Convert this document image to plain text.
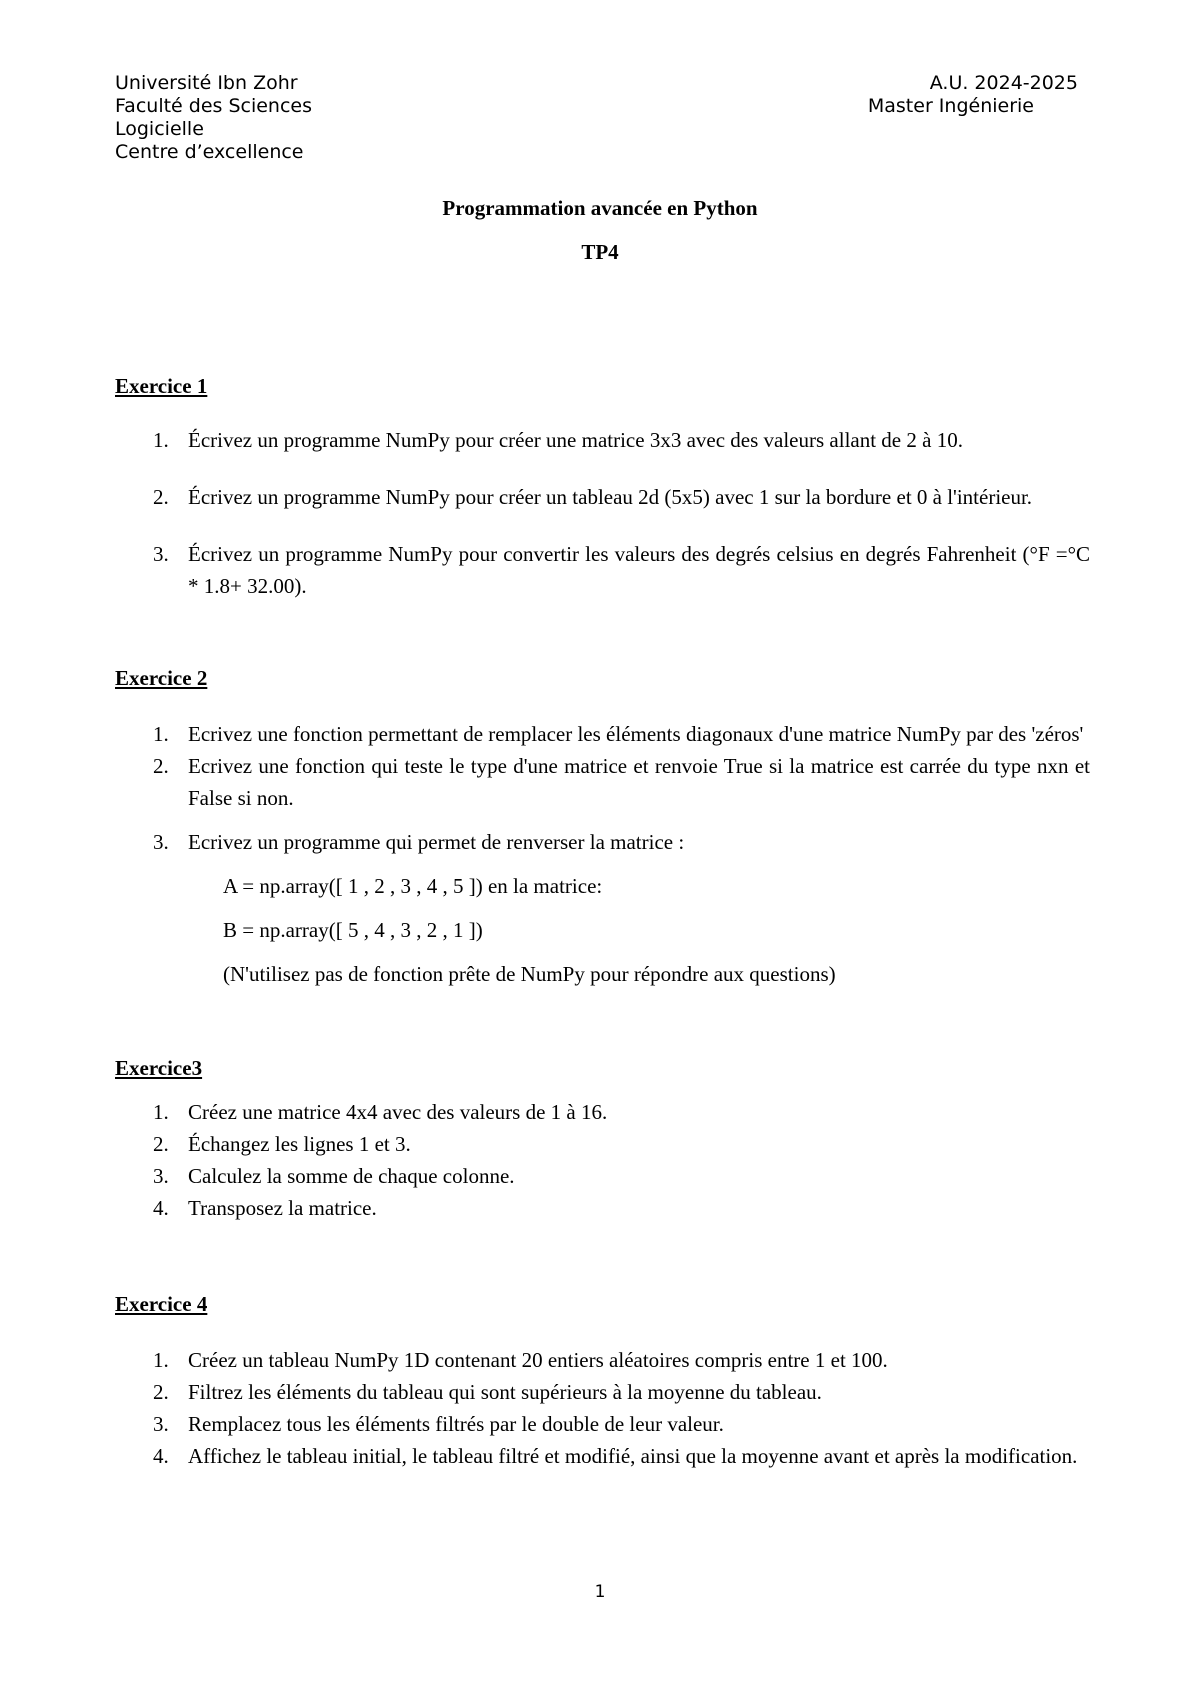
Université Ibn Zohr
Faculté des Sciences
Logicielle
Centre d’excellence
A.U. 2024-2025
Master Ingénierie
Programmation avancée en Python
TP4

Exercice 1

1. Écrivez un programme NumPy pour créer une matrice 3x3 avec des valeurs allant de 2 à 10.
2. Écrivez un programme NumPy pour créer un tableau 2d (5x5) avec 1 sur la bordure et 0 à l'intérieur.
3. Écrivez un programme NumPy pour convertir les valeurs des degrés celsius en degrés Fahrenheit (°F =°C * 1.8+ 32.00).

Exercice 2

1. Ecrivez une fonction permettant de remplacer les éléments diagonaux d'une matrice NumPy par des 'zéros'
2. Ecrivez une fonction qui teste le type d'une matrice et renvoie True si la matrice est carrée du type nxn et False si non.
3. Ecrivez un programme qui permet de renverser la matrice :
A = np.array([ 1 , 2 , 3 , 4 , 5 ]) en la matrice:
B = np.array([ 5 , 4 , 3 , 2 , 1 ])
(N'utilisez pas de fonction prête de NumPy pour répondre aux questions)

Exercice3

1. Créez une matrice 4x4 avec des valeurs de 1 à 16.
2. Échangez les lignes 1 et 3.
3. Calculez la somme de chaque colonne.
4. Transposez la matrice.

Exercice 4

1. Créez un tableau NumPy 1D contenant 20 entiers aléatoires compris entre 1 et 100.
2. Filtrez les éléments du tableau qui sont supérieurs à la moyenne du tableau.
3. Remplacez tous les éléments filtrés par le double de leur valeur.
4. Affichez le tableau initial, le tableau filtré et modifié, ainsi que la moyenne avant et après la modification.
1
